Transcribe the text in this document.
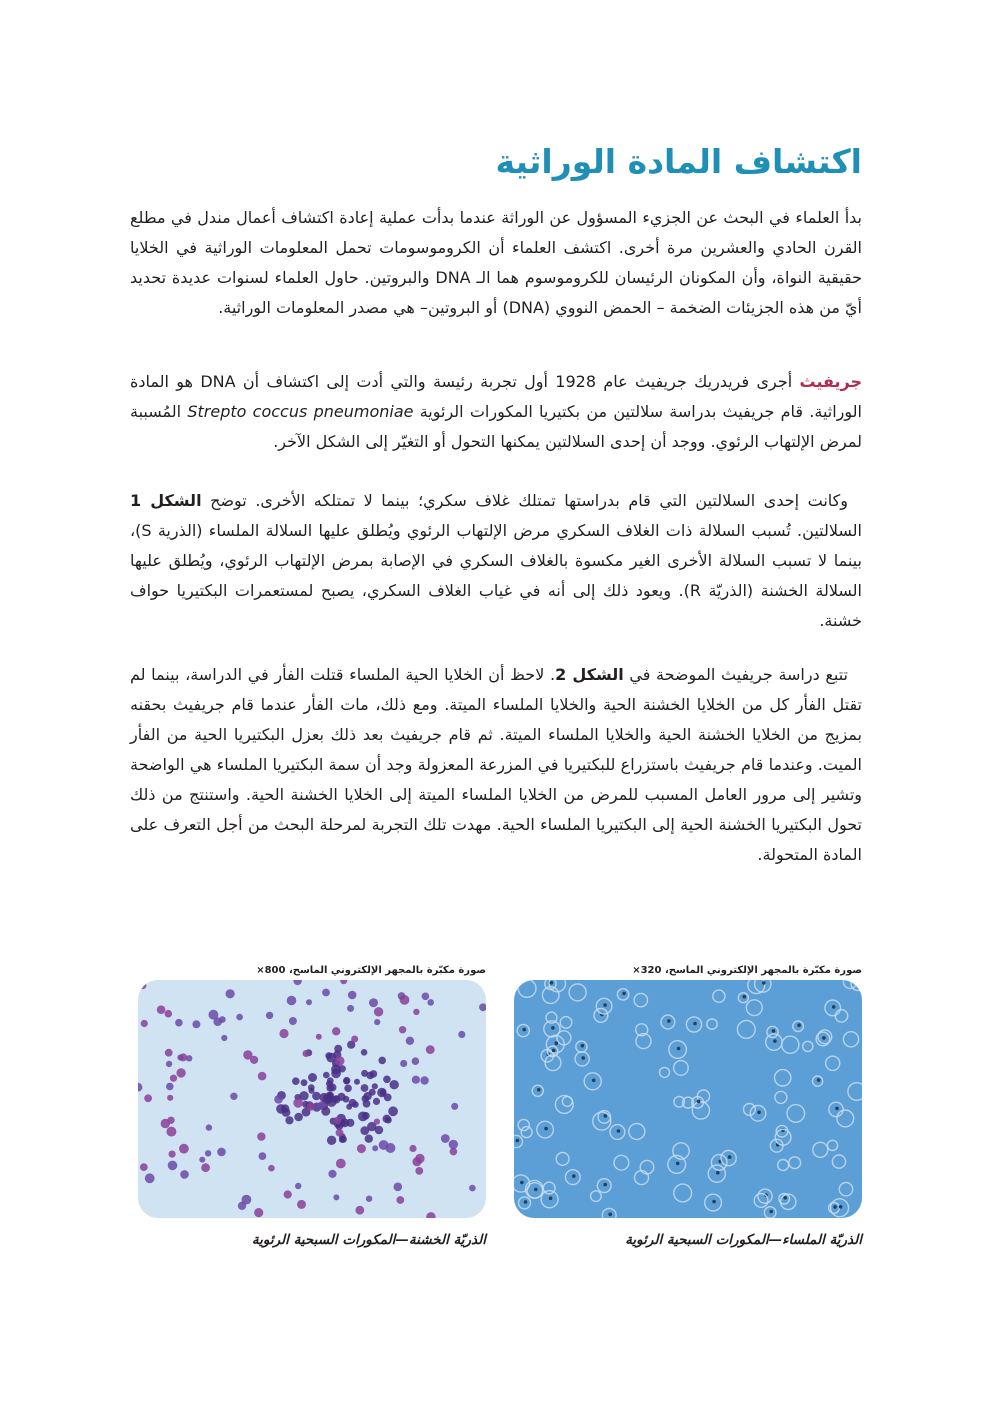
اكتشاف المادة الوراثية

بدأ العلماء في البحث عن الجزيء المسؤول عن الوراثة عندما بدأت عملية إعادة اكتشاف أعمال مندل في مطلع القرن الحادي والعشرين مرة أخرى. اكتشف العلماء أن الكروموسومات تحمل المعلومات الوراثية في الخلايا حقيقية النواة، وأن المكونان الرئيسان للكروموسوم هما الـ DNA والبروتين. حاول العلماء لسنوات عديدة تحديد أيّ من هذه الجزيئات الضخمة – الحمض النووي (DNA) أو البروتين– هي مصدر المعلومات الوراثية.

جريفيث أجرى فريدريك جريفيث عام 1928 أول تجربة رئيسة والتي أدت إلى اكتشاف أن DNA هو المادة الوراثية. قام جريفيث بدراسة سلالتين من بكتيريا المكورات الرئوية Strepto coccus pneumoniae المُسببة لمرض الإلتهاب الرئوي. ووجد أن إحدى السلالتين يمكنها التحول أو التغيّر إلى الشكل الآخر.

وكانت إحدى السلالتين التي قام بدراستها تمتلك غلاف سكري؛ بينما لا تمتلكه الأخرى. توضح الشكل 1 السلالتين. تُسبب السلالة ذات الغلاف السكري مرض الإلتهاب الرئوي ويُطلق عليها السلالة الملساء (الذرية S)، بينما لا تسبب السلالة الأخرى الغير مكسوة بالغلاف السكري في الإصابة بمرض الإلتهاب الرئوي، ويُطلق عليها السلالة الخشنة (الذريّة R). ويعود ذلك إلى أنه في غياب الغلاف السكري، يصبح لمستعمرات البكتيريا حواف خشنة.

تتبع دراسة جريفيث الموضحة في الشكل 2. لاحظ أن الخلايا الحية الملساء قتلت الفأر في الدراسة، بينما لم تقتل الفأر كل من الخلايا الخشنة الحية والخلايا الملساء الميتة. ومع ذلك، مات الفأر عندما قام جريفيث بحقنه بمزيج من الخلايا الخشنة الحية والخلايا الملساء الميتة. ثم قام جريفيث بعد ذلك بعزل البكتيريا الحية من الفأر الميت. وعندما قام جريفيث باستزراع للبكتيريا في المزرعة المعزولة وجد أن سمة البكتيريا الملساء هي الواضحة وتشير إلى مرور العامل المسبب للمرض من الخلايا الملساء الميتة إلى الخلايا الخشنة الحية. واستنتج من ذلك تحول البكتيريا الخشنة الحية إلى البكتيريا الملساء الحية. مهدت تلك التجربة لمرحلة البحث من أجل التعرف على المادة المتحولة.

صورة مكبّرة بالمجهر الإلكتروني الماسح، 800×
الذريّة الخشنة—المكورات السبحية الرئوية
صورة مكبّرة بالمجهر الإلكتروني الماسح، 320×
الذريّة الملساء—المكورات السبحية الرئوية
